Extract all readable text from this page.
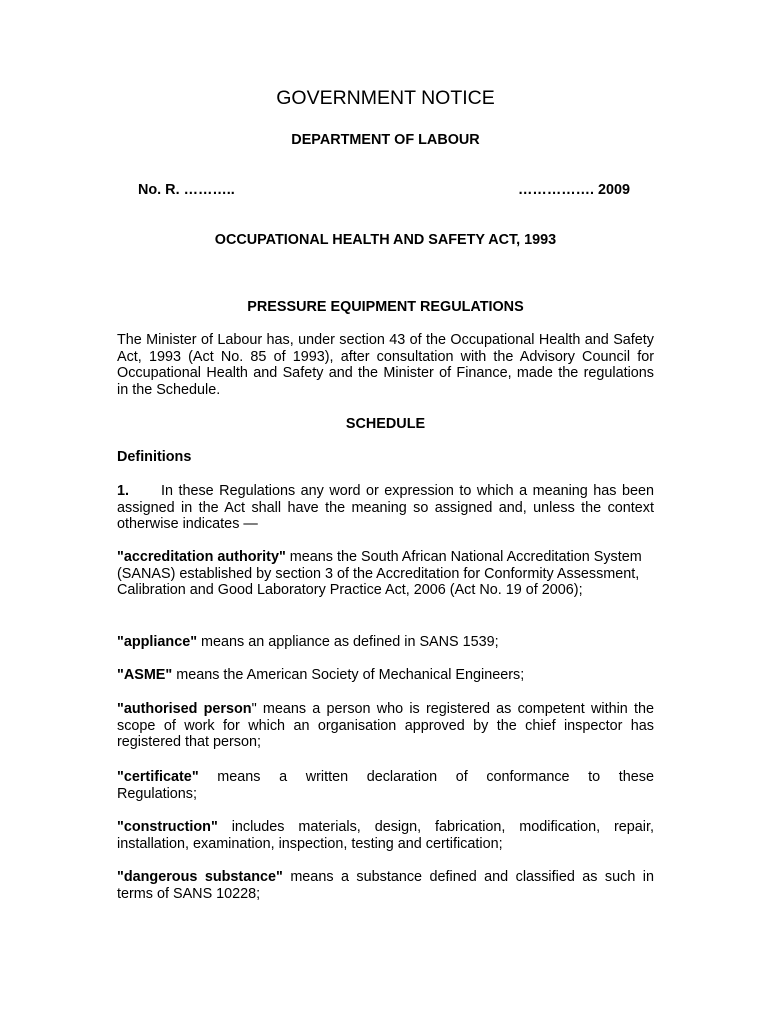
GOVERNMENT NOTICE

DEPARTMENT OF LABOUR

No. R. ………..	……………. 2009

OCCUPATIONAL HEALTH AND SAFETY ACT, 1993

PRESSURE EQUIPMENT REGULATIONS

The Minister of Labour has, under section 43 of the Occupational Health and Safety Act, 1993 (Act No. 85 of 1993), after consultation with the Advisory Council for Occupational Health and Safety and the Minister of Finance, made the regulations in the Schedule.

SCHEDULE

Definitions

1. In these Regulations any word or expression to which a meaning has been assigned in the Act shall have the meaning so assigned and, unless the context otherwise indicates —

"accreditation authority" means the South African National Accreditation System (SANAS) established by section 3 of the Accreditation for Conformity Assessment, Calibration and Good Laboratory Practice Act, 2006 (Act No. 19 of 2006);

"appliance" means an appliance as defined in SANS 1539;

"ASME" means the American Society of Mechanical Engineers;

"authorised person" means a person who is registered as competent within the scope of work for which an organisation approved by the chief inspector has registered that person;

"certificate" means a written declaration of conformance to these
Regulations;

"construction" includes materials, design, fabrication, modification, repair, installation, examination, inspection, testing and certification;

"dangerous substance" means a substance defined and classified as such in terms of SANS 10228;
